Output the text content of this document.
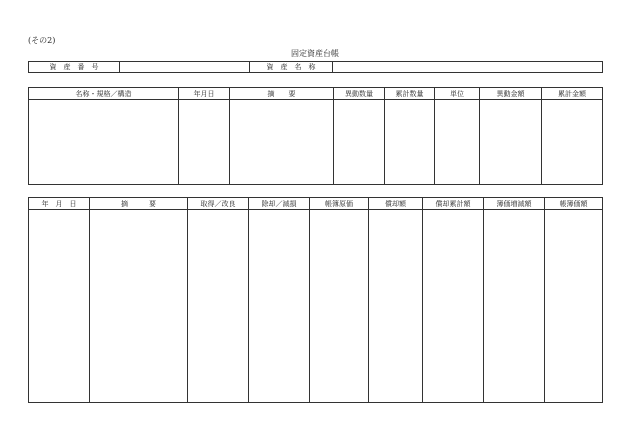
(その2)
固定資産台帳
資　産　番　号		資　産　名　称	
名称・規格／構造	年月日	摘　　要	異動数量	累計数量	単位	異動金額	累計金額

年　月　日	摘　　　要	取得／改良	除却／減損	帳簿原価	償却額	償却累計額	簿価増減額	帳簿価額
